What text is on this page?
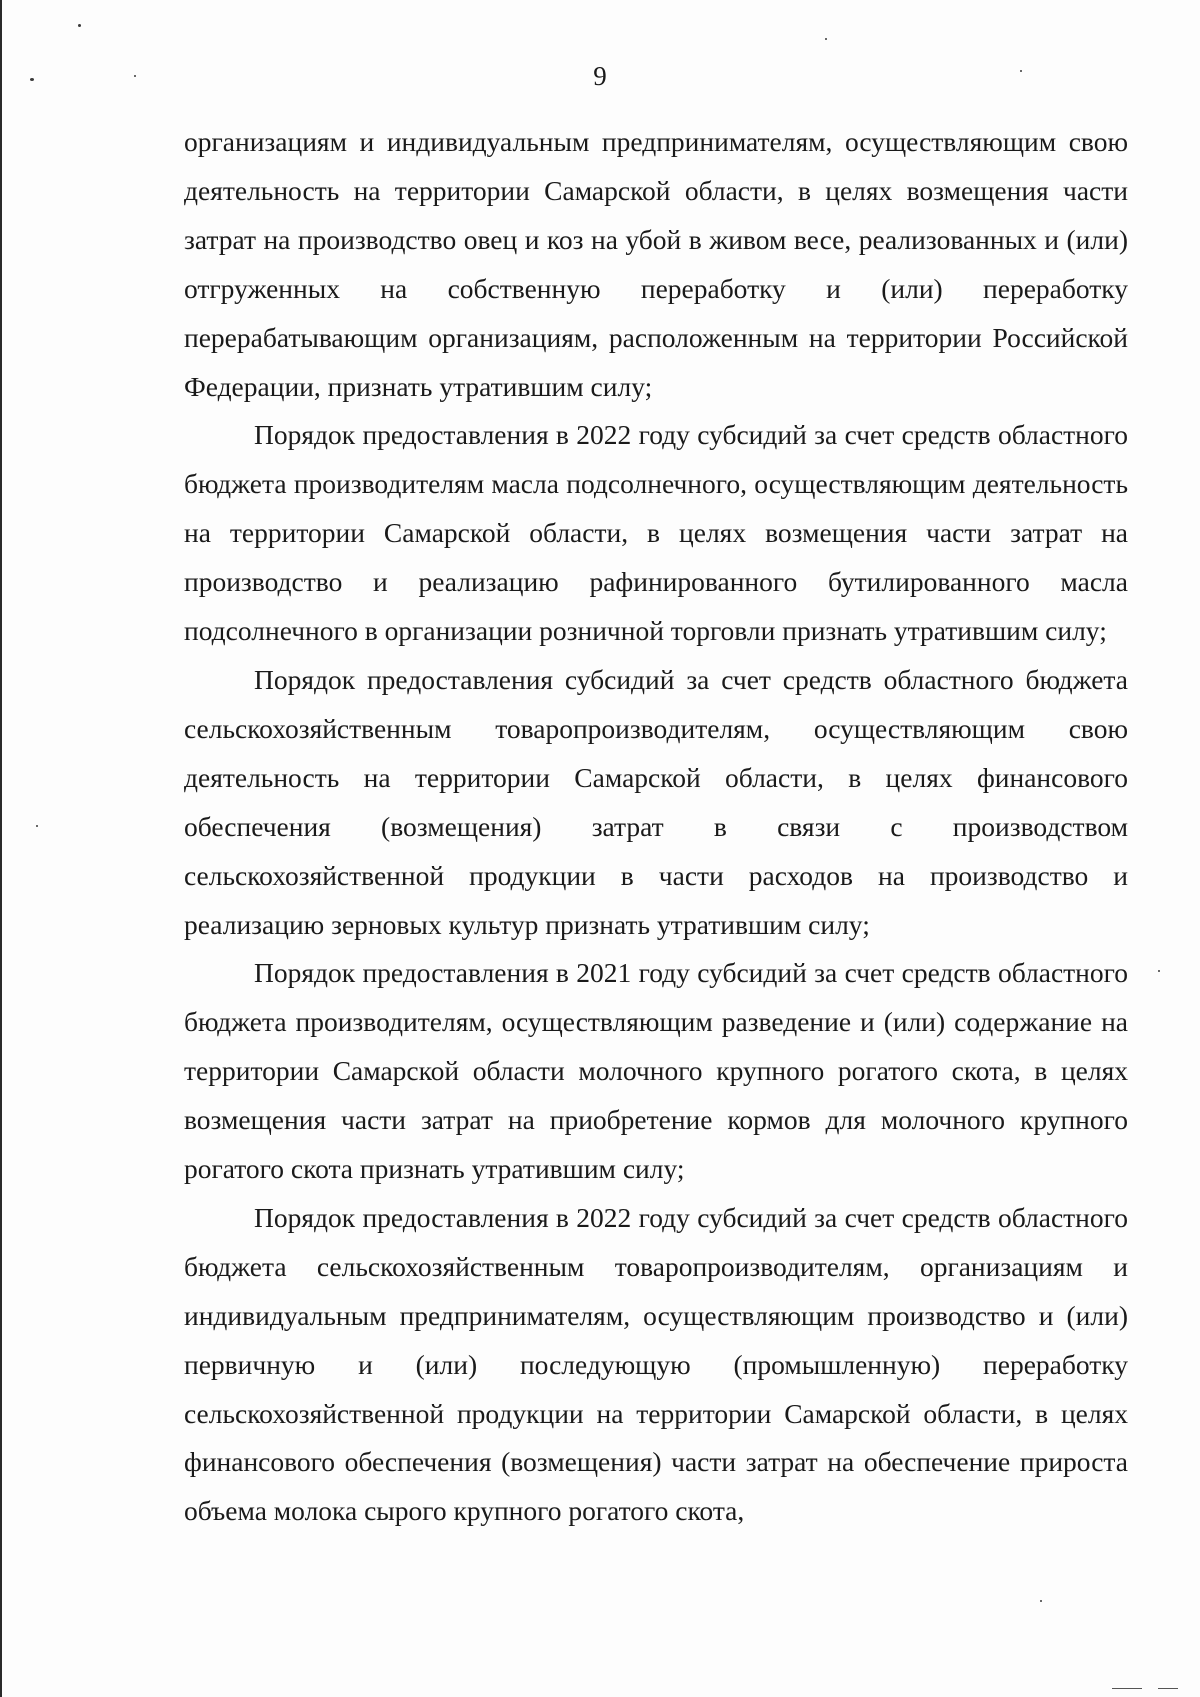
9

организациям и индивидуальным предпринимателям, осуществляющим свою деятельность на территории Самарской области, в целях возмещения части затрат на производство овец и коз на убой в живом весе, реализованных и (или) отгруженных на собственную переработку и (или) переработку перерабатывающим организациям, расположенным на территории Российской Федерации, признать утратившим силу;

Порядок предоставления в 2022 году субсидий за счет средств областного бюджета производителям масла подсолнечного, осуществляющим деятельность на территории Самарской области, в целях возмещения части затрат на производство и реализацию рафинированного бутилированного масла подсолнечного в организации розничной торговли признать утратившим силу;

Порядок предоставления субсидий за счет средств областного бюджета сельскохозяйственным товаропроизводителям, осуществляющим свою деятельность на территории Самарской области, в целях финансового обеспечения (возмещения) затрат в связи с производством сельскохозяйственной продукции в части расходов на производство и реализацию зерновых культур признать утратившим силу;

Порядок предоставления в 2021 году субсидий за счет средств областного бюджета производителям, осуществляющим разведение и (или) содержание на территории Самарской области молочного крупного рогатого скота, в целях возмещения части затрат на приобретение кормов для молочного крупного рогатого скота признать утратившим силу;

Порядок предоставления в 2022 году субсидий за счет средств областного бюджета сельскохозяйственным товаропроизводителям, организациям и индивидуальным предпринимателям, осуществляющим производство и (или) первичную и (или) последующую (промышленную) переработку сельскохозяйственной продукции на территории Самарской области, в целях финансового обеспечения (возмещения) части затрат на обеспечение прироста объема молока сырого крупного рогатого скота,
